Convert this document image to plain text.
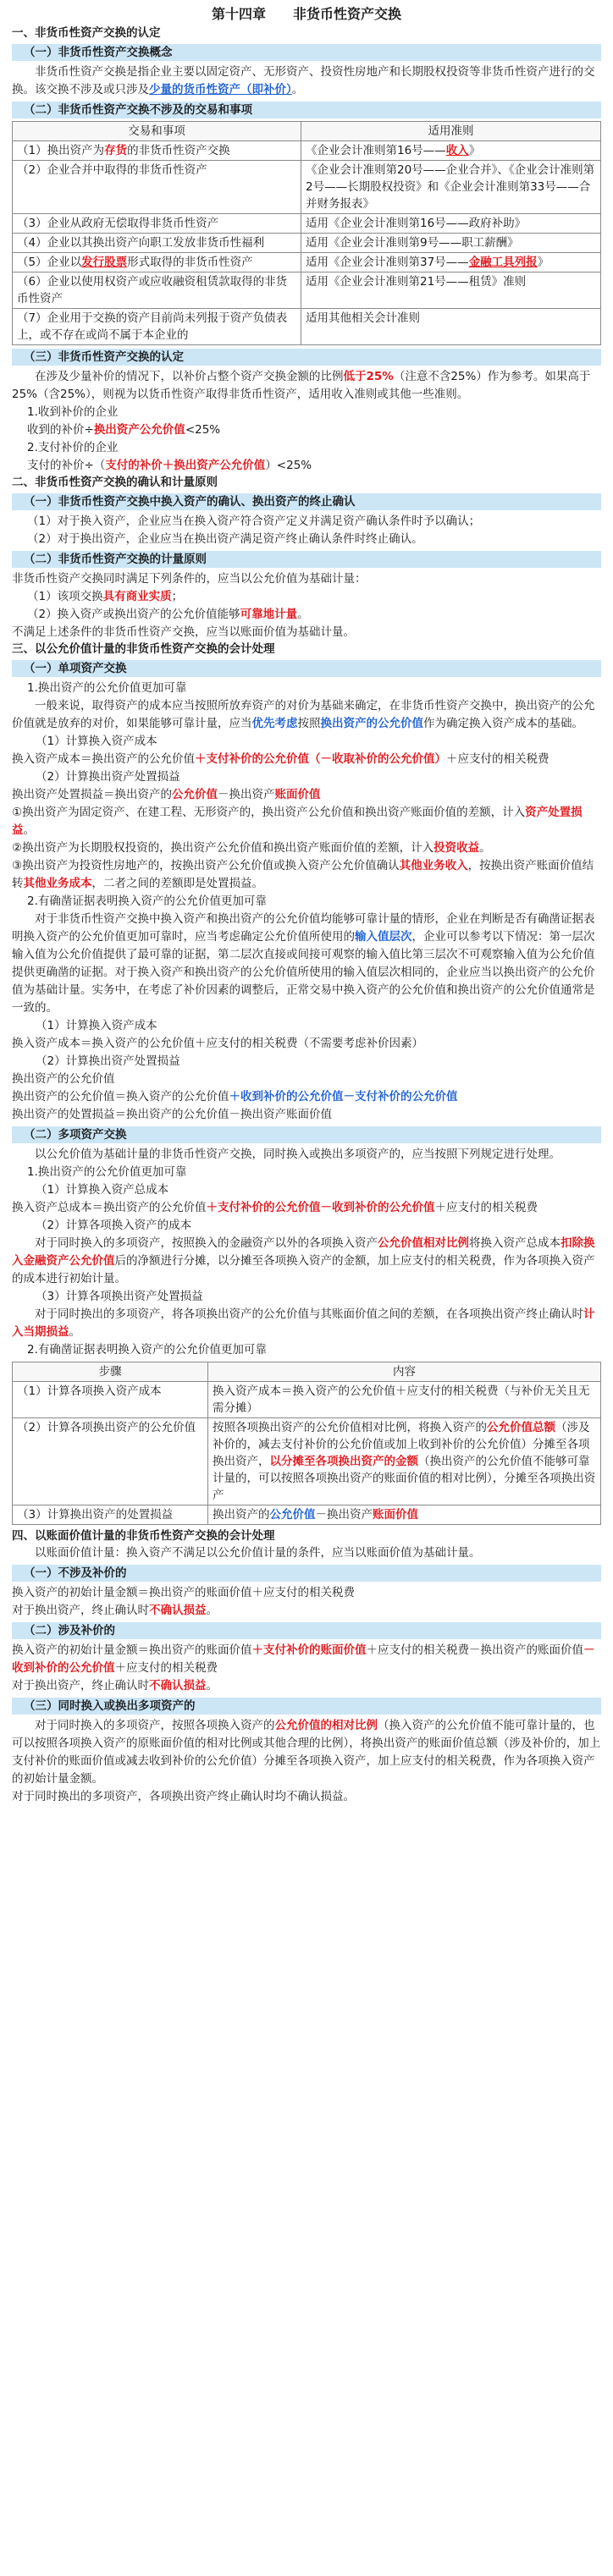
第十四章　　非货币性资产交换
一、非货币性资产交换的认定
（一）非货币性资产交换概念

非货币性资产交换是指企业主要以固定资产、无形资产、投资性房地产和长期股权投资等非货币性资产进行的交换。该交换不涉及或只涉及少量的货币性资产（即补价）。

（二）非货币性资产交换不涉及的交易和事项
交易和事项	适用准则
（1）换出资产为存货的非货币性资产交换	《企业会计准则第16号——收入》
（2）企业合并中取得的非货币性资产	《企业会计准则第20号——企业合并》、《企业会计准则第2号——长期股权投资》和《企业会计准则第33号——合并财务报表》
（3）企业从政府无偿取得非货币性资产	适用《企业会计准则第16号——政府补助》
（4）企业以其换出资产向职工发放非货币性福利	适用《企业会计准则第9号——职工薪酬》
（5）企业以发行股票形式取得的非货币性资产	适用《企业会计准则第37号——金融工具列报》
（6）企业以使用权资产或应收融资租赁款取得的非货币性资产	适用《企业会计准则第21号——租赁》准则
（7）企业用于交换的资产目前尚未列报于资产负债表上，或不存在或尚不属于本企业的	适用其他相关会计准则
（三）非货币性资产交换的认定

在涉及少量补价的情况下，以补价占整个资产交换金额的比例低于25%（注意不含25%）作为参考。如果高于25%（含25%），则视为以货币性资产取得非货币性资产，适用收入准则或其他一些准则。

1.收到补价的企业

收到的补价÷换出资产公允价值<25%

2.支付补价的企业

支付的补价÷（支付的补价＋换出资产公允价值）<25%

二、非货币性资产交换的确认和计量原则
（一）非货币性资产交换中换入资产的确认、换出资产的终止确认

（1）对于换入资产，企业应当在换入资产符合资产定义并满足资产确认条件时予以确认；

（2）对于换出资产，企业应当在换出资产满足资产终止确认条件时终止确认。

（二）非货币性资产交换的计量原则

非货币性资产交换同时满足下列条件的，应当以公允价值为基础计量：

（1）该项交换具有商业实质；

（2）换入资产或换出资产的公允价值能够可靠地计量。

不满足上述条件的非货币性资产交换，应当以账面价值为基础计量。

三、以公允价值计量的非货币性资产交换的会计处理
（一）单项资产交换

1.换出资产的公允价值更加可靠

一般来说，取得资产的成本应当按照所放弃资产的对价为基础来确定，在非货币性资产交换中，换出资产的公允价值就是放弃的对价，如果能够可靠计量，应当优先考虑按照换出资产的公允价值作为确定换入资产成本的基础。

（1）计算换入资产成本

换入资产成本＝换出资产的公允价值＋支付补价的公允价值（－收取补价的公允价值）＋应支付的相关税费

（2）计算换出资产处置损益

换出资产处置损益＝换出资产的公允价值－换出资产账面价值

①换出资产为固定资产、在建工程、无形资产的，换出资产公允价值和换出资产账面价值的差额，计入资产处置损益。

②换出资产为长期股权投资的，换出资产公允价值和换出资产账面价值的差额，计入投资收益。

③换出资产为投资性房地产的，按换出资产公允价值或换入资产公允价值确认其他业务收入，按换出资产账面价值结转其他业务成本，二者之间的差额即是处置损益。

2.有确凿证据表明换入资产的公允价值更加可靠

对于非货币性资产交换中换入资产和换出资产的公允价值均能够可靠计量的情形，企业在判断是否有确凿证据表明换入资产的公允价值更加可靠时，应当考虑确定公允价值所使用的输入值层次，企业可以参考以下情况：第一层次输入值为公允价值提供了最可靠的证据，第二层次直接或间接可观察的输入值比第三层次不可观察输入值为公允价值提供更确凿的证据。对于换入资产和换出资产的公允价值所使用的输入值层次相同的，企业应当以换出资产的公允价值为基础计量。实务中，在考虑了补价因素的调整后，正常交易中换入资产的公允价值和换出资产的公允价值通常是一致的。

（1）计算换入资产成本

换入资产成本＝换入资产的公允价值＋应支付的相关税费（不需要考虑补价因素）

（2）计算换出资产处置损益

换出资产的公允价值

换出资产的公允价值＝换入资产的公允价值＋收到补价的公允价值－支付补价的公允价值

换出资产的处置损益＝换出资产的公允价值－换出资产账面价值

（二）多项资产交换

以公允价值为基础计量的非货币性资产交换，同时换入或换出多项资产的，应当按照下列规定进行处理。

1.换出资产的公允价值更加可靠

（1）计算换入资产总成本

换入资产总成本＝换出资产的公允价值＋支付补价的公允价值－收到补价的公允价值＋应支付的相关税费

（2）计算各项换入资产的成本

对于同时换入的多项资产，按照换入的金融资产以外的各项换入资产公允价值相对比例将换入资产总成本扣除换入金融资产公允价值后的净额进行分摊，以分摊至各项换入资产的金额，加上应支付的相关税费，作为各项换入资产的成本进行初始计量。

（3）计算各项换出资产处置损益

对于同时换出的多项资产，将各项换出资产的公允价值与其账面价值之间的差额，在各项换出资产终止确认时计入当期损益。

2.有确凿证据表明换入资产的公允价值更加可靠

步骤	内容
（1）计算各项换入资产成本	换入资产成本＝换入资产的公允价值＋应支付的相关税费（与补价无关且无需分摊）
（2）计算各项换出资产的公允价值	按照各项换出资产的公允价值相对比例，将换入资产的公允价值总额（涉及补价的，减去支付补价的公允价值或加上收到补价的公允价值）分摊至各项换出资产，以分摊至各项换出资产的金额（换出资产的公允价值不能够可靠计量的，可以按照各项换出资产的账面价值的相对比例），分摊至各项换出资产
（3）计算换出资产的处置损益	换出资产的公允价值－换出资产账面价值
四、以账面价值计量的非货币性资产交换的会计处理

以账面价值计量：换入资产不满足以公允价值计量的条件，应当以账面价值为基础计量。

（一）不涉及补价的

换入资产的初始计量金额＝换出资产的账面价值＋应支付的相关税费

对于换出资产，终止确认时不确认损益。

（二）涉及补价的

换入资产的初始计量金额＝换出资产的账面价值＋支付补价的账面价值＋应支付的相关税费－换出资产的账面价值－收到补价的公允价值＋应支付的相关税费

对于换出资产，终止确认时不确认损益。

（三）同时换入或换出多项资产的

对于同时换入的多项资产，按照各项换入资产的公允价值的相对比例（换入资产的公允价值不能可靠计量的，也可以按照各项换入资产的原账面价值的相对比例或其他合理的比例），将换出资产的账面价值总额（涉及补价的，加上支付补价的账面价值或减去收到补价的公允价值）分摊至各项换入资产，加上应支付的相关税费，作为各项换入资产的初始计量金额。

对于同时换出的多项资产，各项换出资产终止确认时均不确认损益。
